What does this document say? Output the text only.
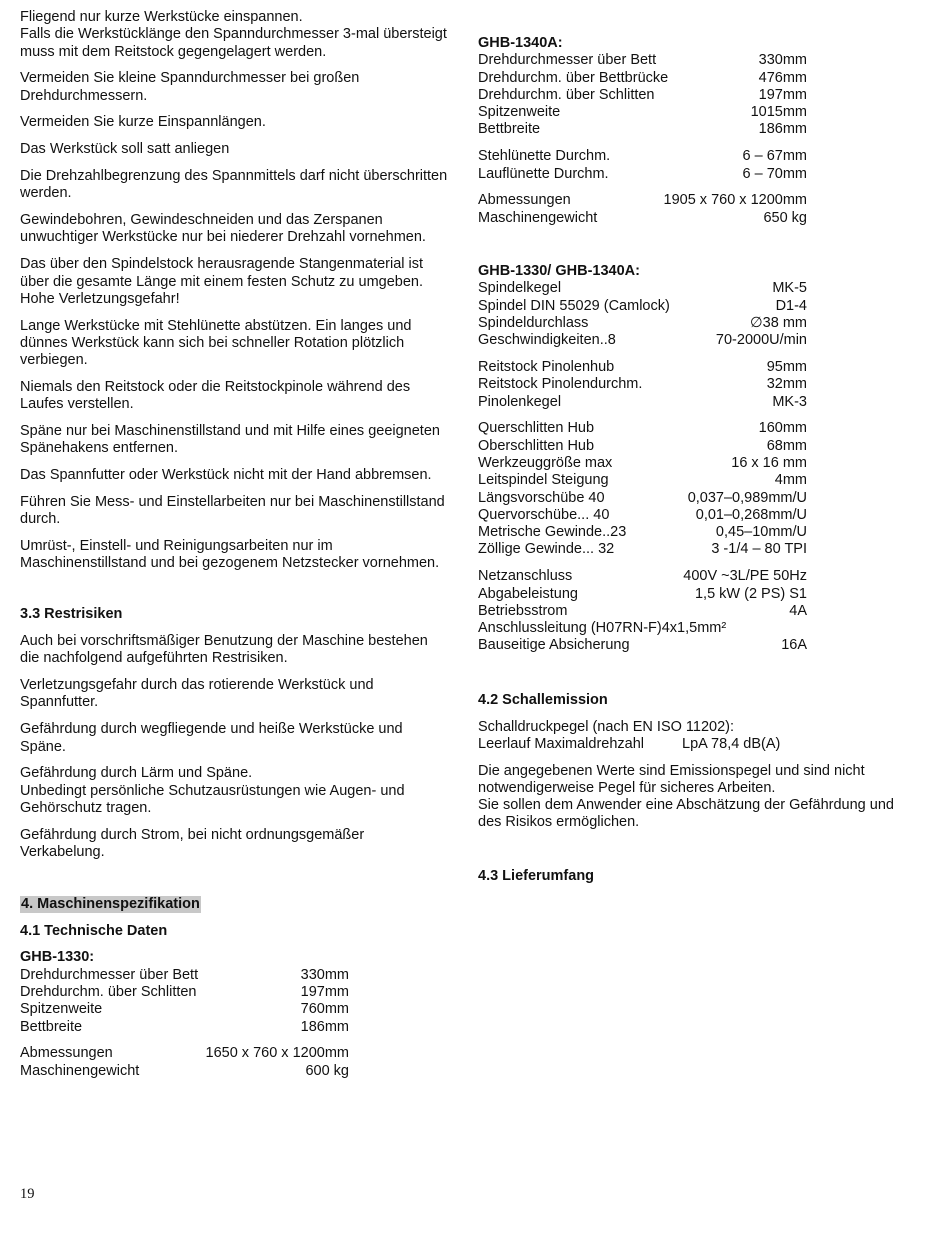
Fliegend nur kurze Werkstücke einspannen.
Falls die Werkstücklänge den Spanndurchmesser 3-mal übersteigt muss mit dem Reitstock gegengelagert werden.

Vermeiden Sie kleine Spanndurchmesser bei großen Drehdurchmessern.

Vermeiden Sie kurze Einspannlängen.

Das Werkstück soll satt anliegen

Die Drehzahlbegrenzung des Spannmittels darf nicht überschritten werden.

Gewindebohren, Gewindeschneiden und das Zerspanen unwuchtiger Werkstücke nur bei niederer Drehzahl vornehmen.

Das über den Spindelstock herausragende Stangenmaterial ist über die gesamte Länge mit einem festen Schutz zu umgeben.
Hohe Verletzungsgefahr!

Lange Werkstücke mit Stehlünette abstützen. Ein langes und dünnes Werkstück kann sich bei schneller Rotation plötzlich verbiegen.

Niemals den Reitstock oder die Reitstockpinole während des Laufes verstellen.

Späne nur bei Maschinenstillstand und mit Hilfe eines geeigneten Spänehakens entfernen.

Das Spannfutter oder Werkstück nicht mit der Hand abbremsen.

Führen Sie Mess- und Einstellarbeiten nur bei Maschinenstillstand durch.

Umrüst-, Einstell- und Reinigungsarbeiten nur im Maschinenstillstand und bei gezogenem Netzstecker vornehmen.

3.3 Restrisiken

Auch bei vorschriftsmäßiger Benutzung der Maschine bestehen die nachfolgend aufgeführten Restrisiken.

Verletzungsgefahr durch das rotierende Werkstück und Spannfutter.

Gefährdung durch wegfliegende und heiße Werkstücke und Späne.

Gefährdung durch Lärm und Späne.
Unbedingt persönliche Schutzausrüstungen wie Augen- und Gehörschutz tragen.

Gefährdung durch Strom, bei nicht ordnungsgemäßer Verkabelung.

4. Maschinenspezifikation
4.1 Technische Daten
GHB-1330:
Drehdurchmesser über Bett	330mm
Drehdurchm. über Schlitten	197mm
Spitzenweite	760mm
Bettbreite	186mm
Abmessungen	1650 x 760 x 1200mm
Maschinengewicht	600 kg
19
GHB-1340A:
Drehdurchmesser über Bett	330mm
Drehdurchm. über Bettbrücke	476mm
Drehdurchm. über Schlitten	197mm
Spitzenweite	1015mm
Bettbreite	186mm
Stehlünette Durchm.	6 – 67mm
Lauflünette Durchm.	6 – 70mm
Abmessungen	1905 x 760 x 1200mm
Maschinengewicht	650 kg
GHB-1330/ GHB-1340A:
Spindelkegel	MK-5
Spindel DIN 55029 (Camlock)	D1-4
Spindeldurchlass	∅38 mm
Geschwindigkeiten..8	70-2000U/min
Reitstock Pinolenhub	95mm
Reitstock Pinolendurchm.	32mm
Pinolenkegel	MK-3
Querschlitten Hub	160mm
Oberschlitten Hub	68mm
Werkzeuggröße max	16 x 16 mm
Leitspindel Steigung	4mm
Längsvorschübe 40	0,037–0,989mm/U
Quervorschübe... 40	0,01–0,268mm/U
Metrische Gewinde..23	0,45–10mm/U
Zöllige Gewinde... 32	3 -1/4 – 80 TPI
Netzanschluss	400V ~3L/PE 50Hz
Abgabeleistung	1,5 kW (2 PS) S1
Betriebsstrom	4A

Anschlussleitung (H07RN-F)4x1,5mm²

Bauseitige Absicherung	16A
4.2 Schallemission

Schalldruckpegel (nach EN ISO 11202):

Leerlauf Maximaldrehzahl	LpA 78,4 dB(A)

Die angegebenen Werte sind Emissionspegel und sind nicht notwendigerweise Pegel für sicheres Arbeiten.
Sie sollen dem Anwender eine Abschätzung der Gefährdung und des Risikos ermöglichen.

4.3 Lieferumfang
